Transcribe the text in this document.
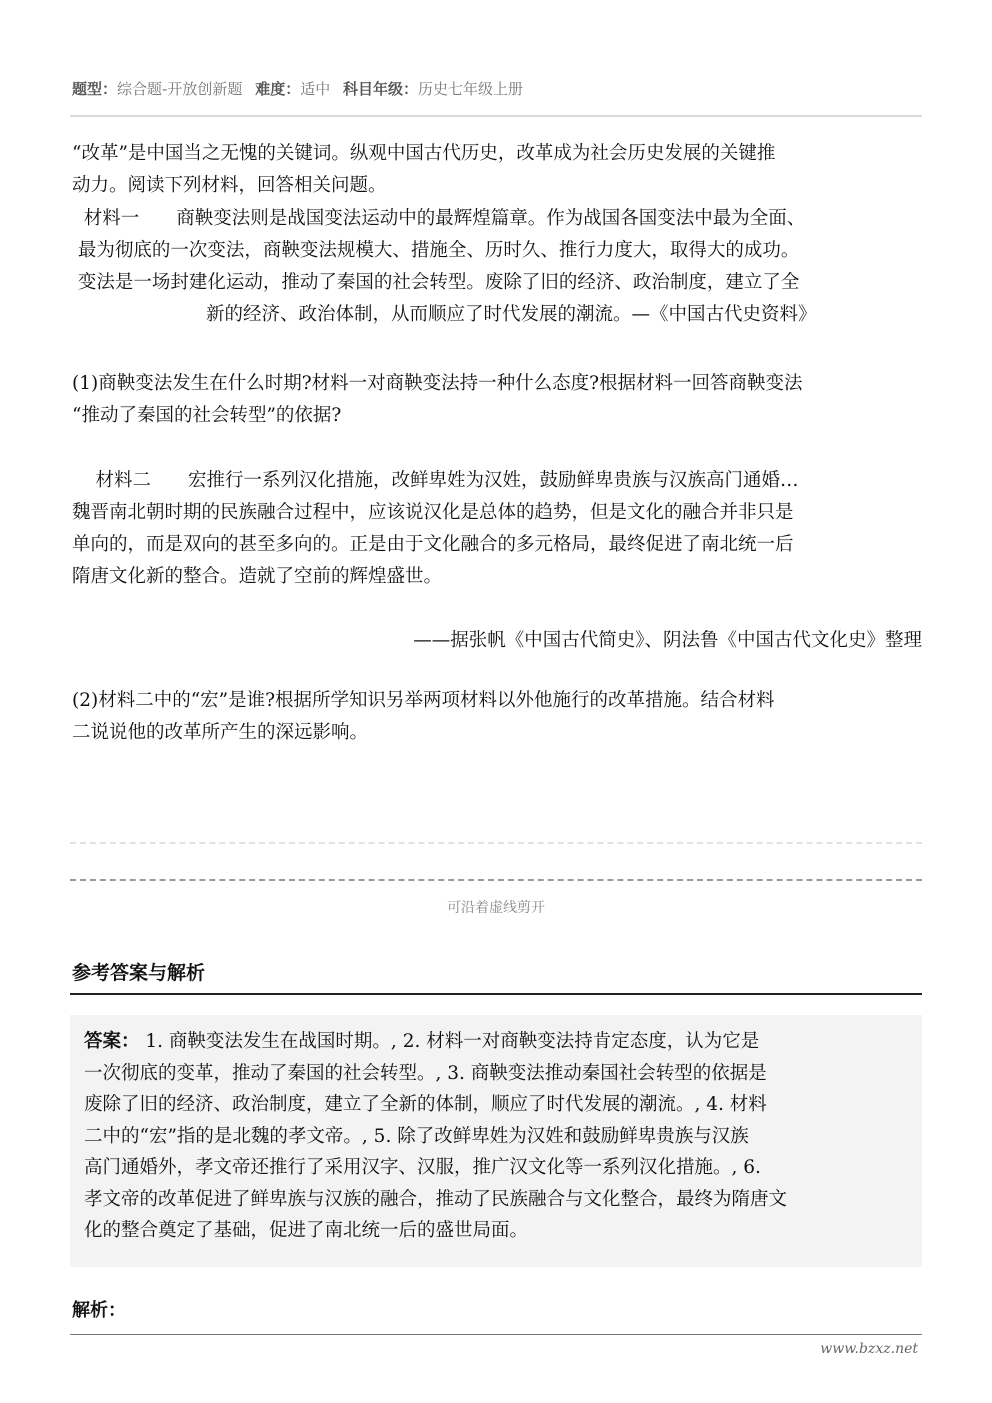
题型：综合题-开放创新题 难度：适中 科目年级：历史七年级上册
“改革”是中国当之无愧的关键词。纵观中国古代历史，改革成为社会历史发展的关键推
动力。阅读下列材料，回答相关问题。
材料一　　商鞅变法则是战国变法运动中的最辉煌篇章。作为战国各国变法中最为全面、
最为彻底的一次变法，商鞅变法规模大、措施全、历时久、推行力度大，取得大的成功。
变法是一场封建化运动，推动了秦国的社会转型。废除了旧的经济、政治制度，建立了全
新的经济、政治体制，从而顺应了时代发展的潮流。—《中国古代史资料》
(1)商鞅变法发生在什么时期?材料一对商鞅变法持一种什么态度?根据材料一回答商鞅变法
“推动了秦国的社会转型”的依据?
材料二　　宏推行一系列汉化措施，改鲜卑姓为汉姓，鼓励鲜卑贵族与汉族高门通婚…
魏晋南北朝时期的民族融合过程中，应该说汉化是总体的趋势，但是文化的融合并非只是
单向的，而是双向的甚至多向的。正是由于文化融合的多元格局，最终促进了南北统一后
隋唐文化新的整合。造就了空前的辉煌盛世。
——据张帆《中国古代简史》、阴法鲁《中国古代文化史》整理
(2)材料二中的“宏”是谁?根据所学知识另举两项材料以外他施行的改革措施。结合材料
二说说他的改革所产生的深远影响。
可沿着虚线剪开
参考答案与解析
答案： 1. 商鞅变法发生在战国时期。, 2. 材料一对商鞅变法持肯定态度，认为它是
一次彻底的变革，推动了秦国的社会转型。, 3. 商鞅变法推动秦国社会转型的依据是
废除了旧的经济、政治制度，建立了全新的体制，顺应了时代发展的潮流。, 4. 材料
二中的“宏”指的是北魏的孝文帝。, 5. 除了改鲜卑姓为汉姓和鼓励鲜卑贵族与汉族
高门通婚外，孝文帝还推行了采用汉字、汉服，推广汉文化等一系列汉化措施。, 6.
孝文帝的改革促进了鲜卑族与汉族的融合，推动了民族融合与文化整合，最终为隋唐文
化的整合奠定了基础，促进了南北统一后的盛世局面。
解析：
www.bzxz.net
